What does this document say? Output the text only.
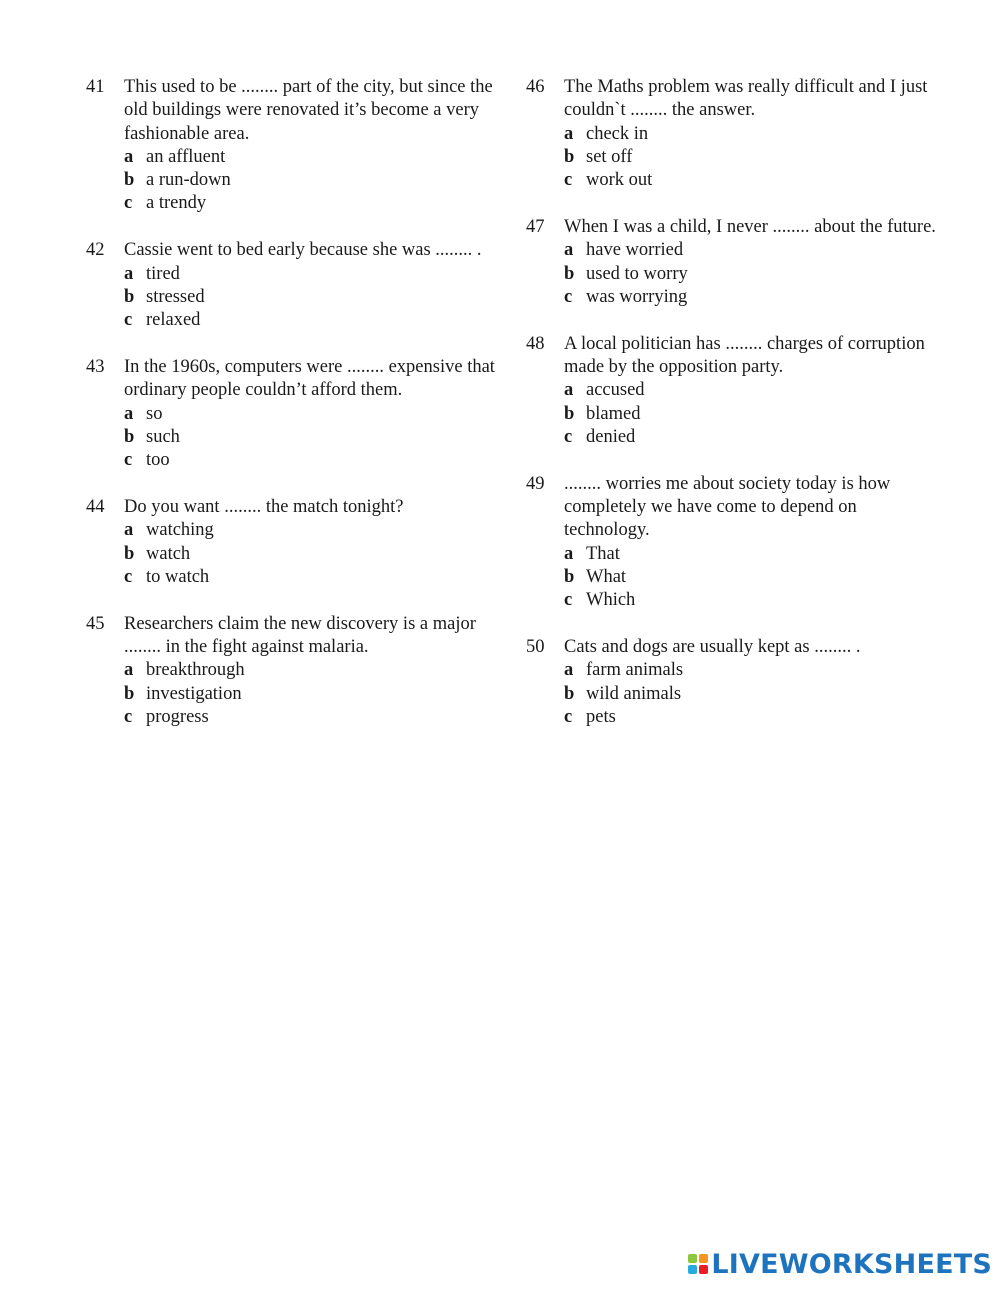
41	This used to be ........ part of the city, but since the old buildings were renovated it’s become a very fashionable area.
a an affluent
b a run-down
c a trendy
42	Cassie went to bed early because she was ........ .
a tired
b stressed
c relaxed
43	In the 1960s, computers were ........ expensive that ordinary people couldn’t afford them.
a so
b such
c too
44	Do you want ........ the match tonight?
a watching
b watch
c to watch
45	Researchers claim the new discovery is a major ........ in the fight against malaria.
a breakthrough
b investigation
c progress
46	The Maths problem was really difficult and I just couldn`t ........ the answer.
a check in
b set off
c work out
47	When I was a child, I never ........ about the future.
a have worried
b used to worry
c was worrying
48	A local politician has ........ charges of corruption made by the opposition party.
a accused
b blamed
c denied
49	........ worries me about society today is how completely we have come to depend on technology.
a That
b What
c Which
50	Cats and dogs are usually kept as ........ .
a farm animals
b wild animals
c pets
LIVEWORKSHEETS
